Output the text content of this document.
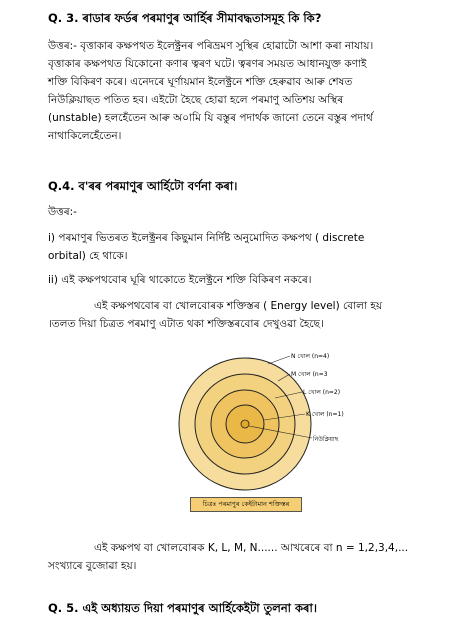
Q. 3. ৰাডাৰ ফৰ্ডৰ পৰমাণুৰ আৰ্হিৰ সীমাবদ্ধতাসমূহ কি কি?
উত্তৰ:- বৃত্তাকাৰ কক্ষপথত ইলেক্ট্ৰনৰ পৰিভ্ৰমণ সুস্থিৰ হোৱাটো আশা কৰা নাযায়।
বৃত্তাকাৰ কক্ষপথত যিকোনো কণাৰ ত্বৰণ ঘটে। ত্বৰণৰ সময়ত আধানযুক্ত কণাই
শক্তি বিকিৰণ কৰে। এনেদৰে ঘূৰ্ণায়মান ইলেক্ট্ৰনে শক্তি হেৰুৱাব আৰু শেষত
নিউক্লিয়াছত পতিত হব। এইটো হৈছে হোৱা হলে পৰমাণু অতিশয় অস্থিৰ
(unstable) হলহেঁতেন আৰু অ০ামি যি বস্তুৰ পদাৰ্থক জানো তেনে বস্তুৰ পদাৰ্থ
নাথাকিলেহেঁতেন।
Q.4. ব'ৰৰ পৰমাণুৰ আৰ্হিটো বৰ্ণনা কৰা।
উত্তৰ:-
i) পৰমাণুৰ ভিতৰত ইলেক্ট্ৰনৰ কিছুমান নিৰ্দিষ্ট অনুমোদিত কক্ষপথ ( discrete
orbital) হে থাকে।
ii) এই কক্ষপথবোৰ ঘূৰি থাকোতে ইলেক্ট্ৰনে শক্তি বিকিৰণ নকৰে।
এই কক্ষপথবোৰ বা খোলবোৰক শক্তিস্তৰ ( Energy level) বোলা হয়
।তলত দিয়া চিত্ৰত পৰমাণু এটাত থকা শক্তিস্তৰবোৰ দেখুওৱা হৈছে।
N খোল (n=4)
M খোল (n=3
L খোল (n=2)
K খোল (n=1)
নিউক্লিয়াছ
চিত্ৰঃ পৰমাণুৰ কেইটামান শক্তিস্তৰ
এই কক্ষপথ বা খোলবোৰক K, L, M, N...... আখৰেৰে বা n = 1,2,3,4,...
সংখ্যাৰে বুজোৱা হয়।
Q. 5. এই অধ্যায়ত দিয়া পৰমাণুৰ আৰ্হিকেইটা তুলনা কৰা।
